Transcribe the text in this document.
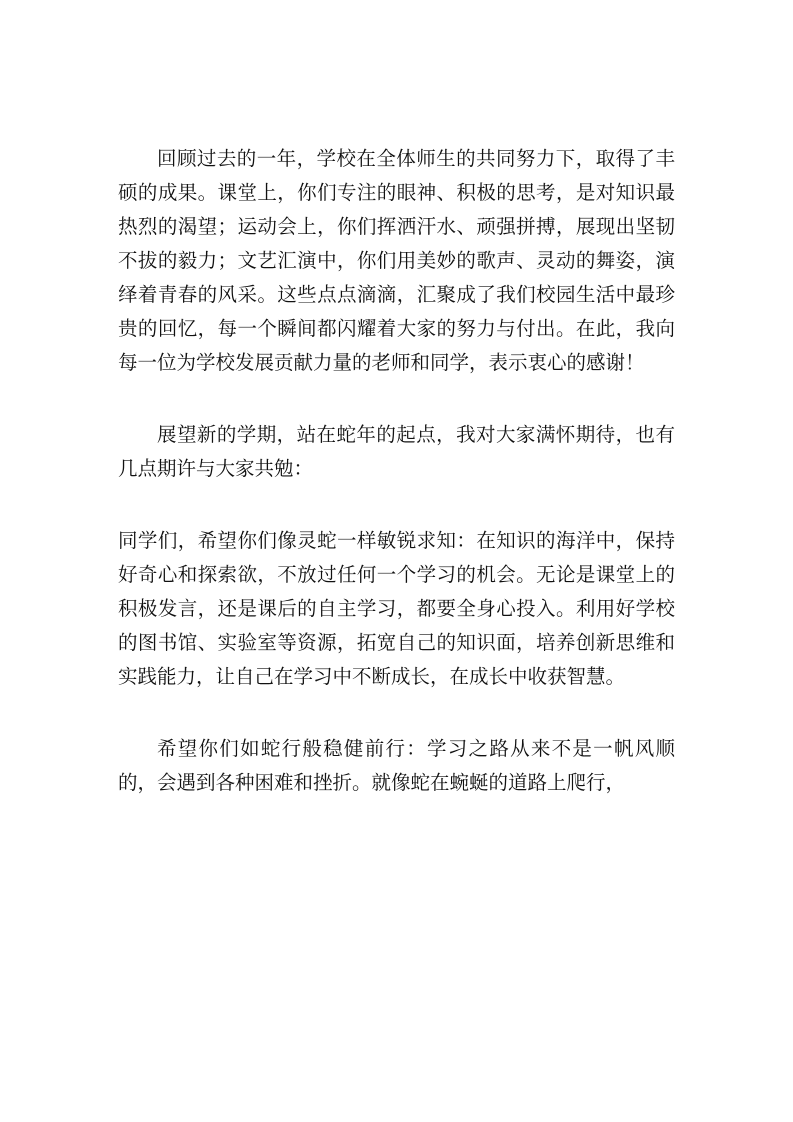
回顾过去的一年，学校在全体师生的共同努力下，取得了丰硕的成果。课堂上，你们专注的眼神、积极的思考，是对知识最热烈的渴望；运动会上，你们挥洒汗水、顽强拼搏，展现出坚韧不拔的毅力；文艺汇演中，你们用美妙的歌声、灵动的舞姿，演绎着青春的风采。这些点点滴滴，汇聚成了我们校园生活中最珍贵的回忆，每一个瞬间都闪耀着大家的努力与付出。在此，我向每一位为学校发展贡献力量的老师和同学，表示衷心的感谢！

展望新的学期，站在蛇年的起点，我对大家满怀期待，也有几点期许与大家共勉：

同学们，希望你们像灵蛇一样敏锐求知：在知识的海洋中，保持好奇心和探索欲，不放过任何一个学习的机会。无论是课堂上的积极发言，还是课后的自主学习，都要全身心投入。利用好学校的图书馆、实验室等资源，拓宽自己的知识面，培养创新思维和实践能力，让自己在学习中不断成长，在成长中收获智慧。

希望你们如蛇行般稳健前行：学习之路从来不是一帆风顺的，会遇到各种困难和挫折。就像蛇在蜿蜒的道路上爬行，
